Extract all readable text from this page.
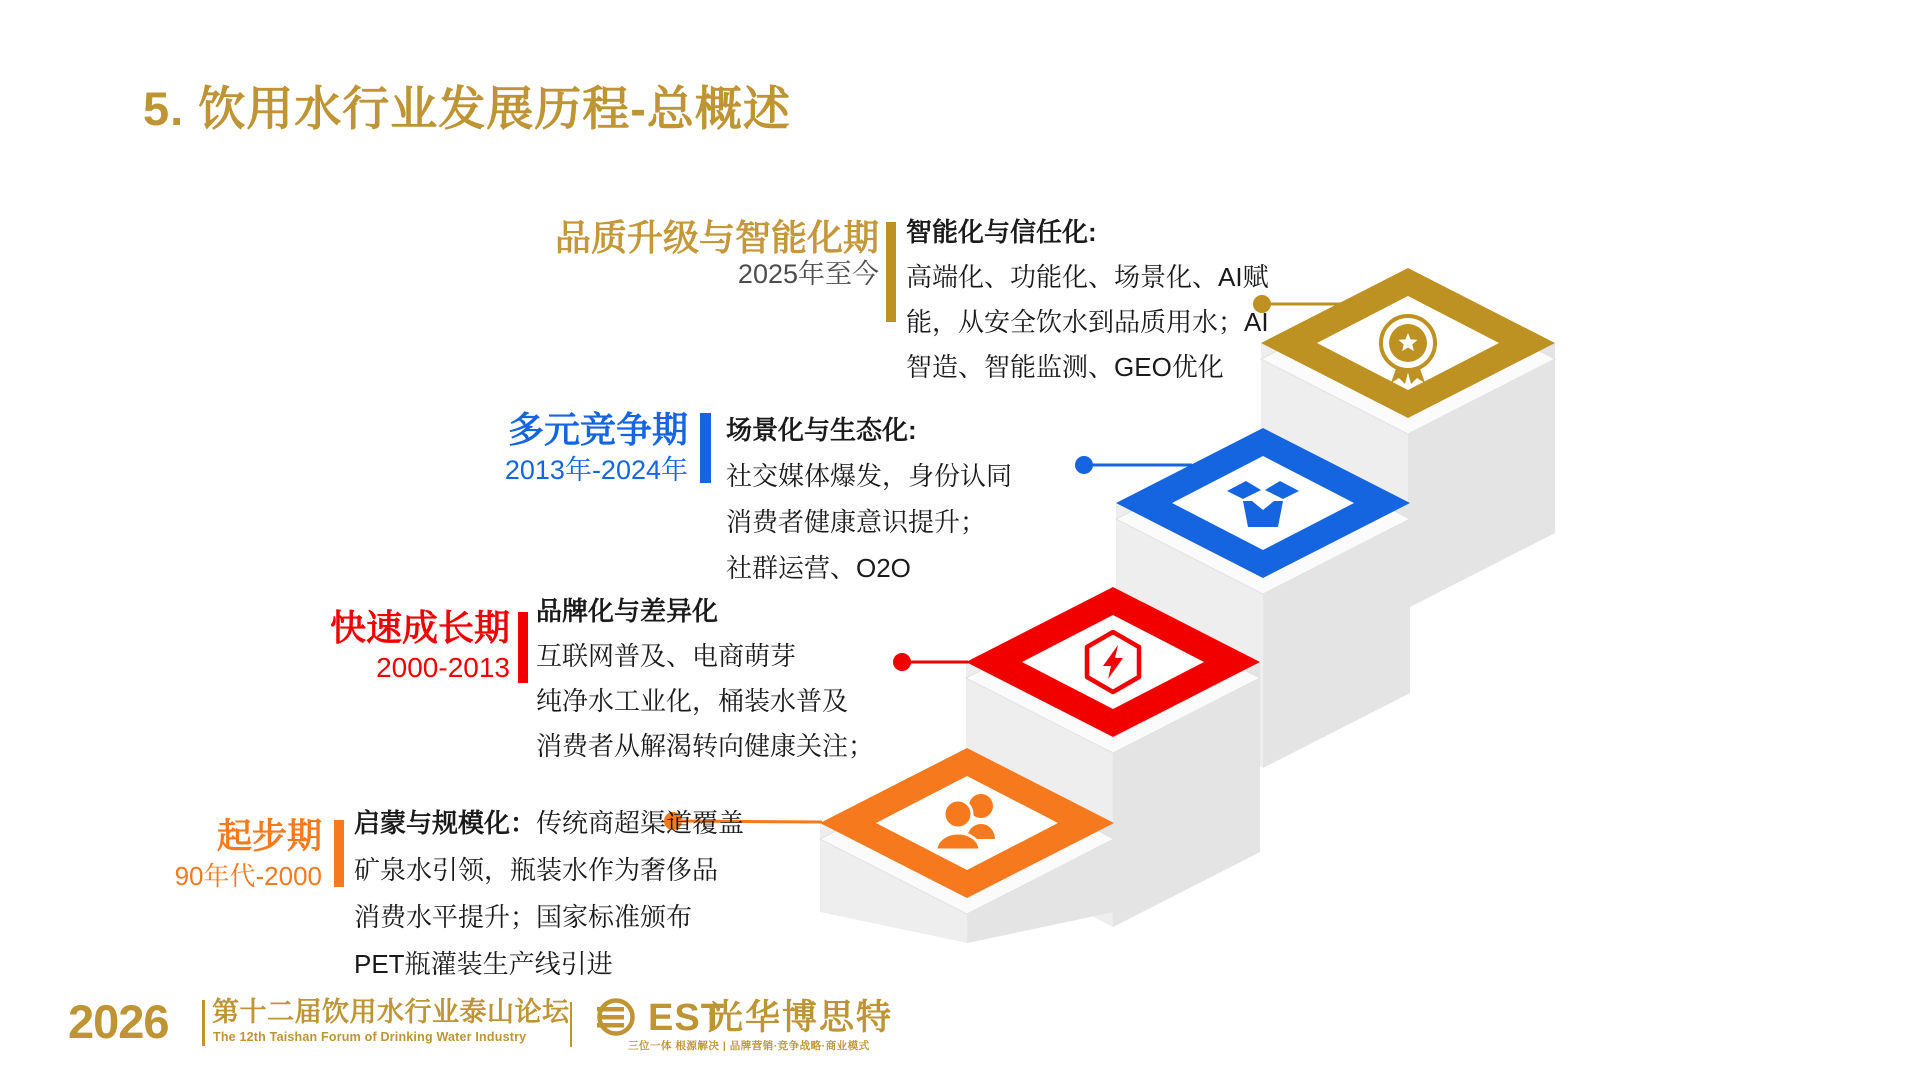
5. 饮用水行业发展历程-总概述
品质升级与智能化期
2025年至今
智能化与信任化:
高端化、功能化、场景化、AI赋
能，从安全饮水到品质用水；AI
智造、智能监测、GEO优化
多元竞争期
2013年-2024年
场景化与生态化:
社交媒体爆发，身份认同
消费者健康意识提升；
社群运营、O2O
快速成长期
2000-2013
品牌化与差异化
互联网普及、电商萌芽
纯净水工业化，桶装水普及
消费者从解渴转向健康关注；
起步期
90年代-2000
启蒙与规模化：传统商超渠道覆盖
矿泉水引领，瓶装水作为奢侈品
消费水平提升；国家标准颁布
PET瓶灌装生产线引进
2026 第十二届饮用水行业泰山论坛
The 12th Taishan Forum of Drinking Water Industry	EST
光华博思特
三位一体 根源解决 | 品牌营销·竞争战略·商业模式
